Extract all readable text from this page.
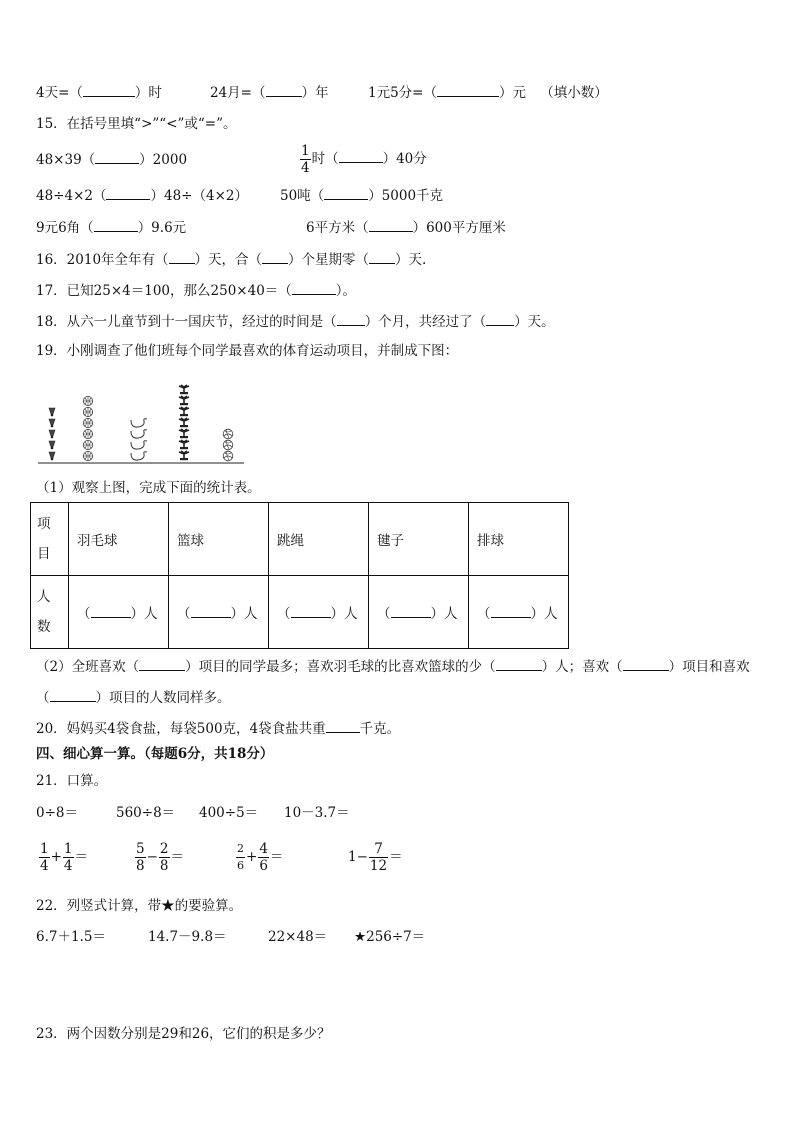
4天=（	）时	24月=（	）年	1元5分=（	）元 （填小数）
15．在括号里填“>”“<”或“=”。
48×39（	）2000	$\frac{1}{4}$ 时（	）40分
48÷4×2（	）48÷（4×2） 50吨（	）5000千克
9元6角（	）9.6元	6平方米（	）600平方厘米
16．2010年全年有（ ）天，合（ ）个星期零（ ）天.
17．已知25×4＝100，那么250×40＝（	）。
18．从六一儿童节到十一国庆节，经过的时间是（ ）个月，共经过了（ ）天。
19．小刚调查了他们班每个同学最喜欢的体育运动项目，并制成下图：
（1）观察上图，完成下面的统计表。
项目	羽毛球	篮球	跳绳	毽子	排球
人数	（ ）人	（ ）人	（ ）人	（ ）人	（ ）人
（2）全班喜欢（	）项目的同学最多；喜欢羽毛球的比喜欢篮球的少（	）人；喜欢（	）项目和喜欢
（	）项目的人数同样多。
20．妈妈买4袋食盐，每袋500克，4袋食盐共重	千克。
四、细心算一算。（每题6分，共18分）
21．口算。
0÷8＝	560÷8＝ 400÷5＝ 10－3.7＝
$\frac{1}{4} + \frac{1}{4}$ ＝	$\frac{5}{8} - \frac{2}{8}$ ＝	$\frac{2}{6} + \frac{4}{6}$ ＝	$1- \frac{7}{12}$ ＝
22．列竖式计算，带★的要验算。
6.7＋1.5＝	14.7－9.8＝	22×48＝ ★256÷7＝
23．两个因数分别是29和26，它们的积是多少？
